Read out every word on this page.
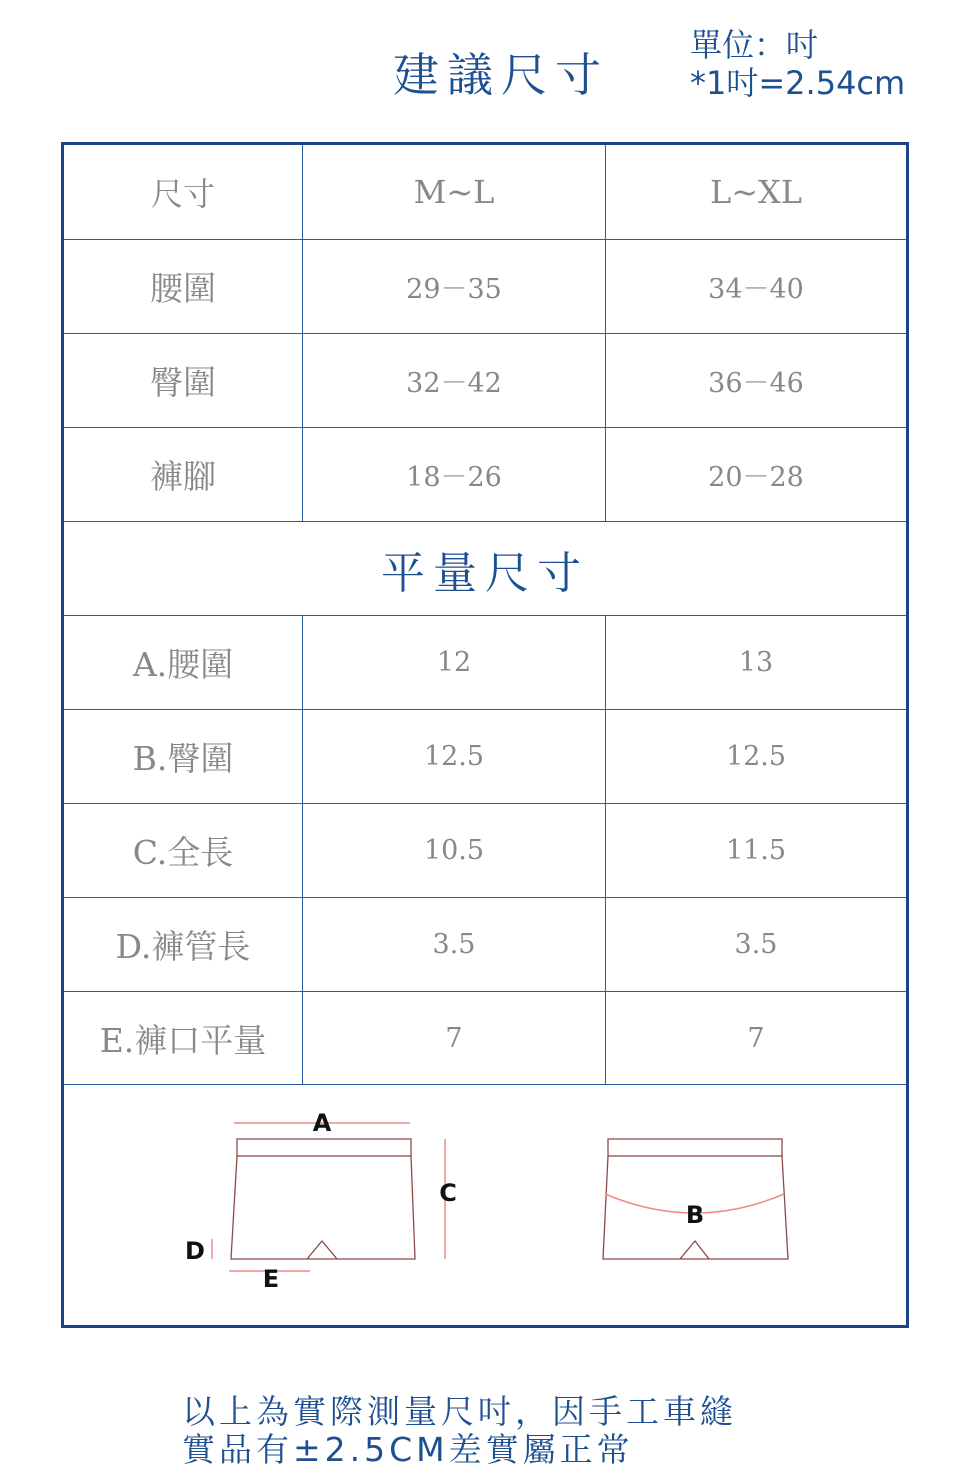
建議尺寸
單位：吋
*1吋=2.54cm
尺寸	M~L	L~XL
腰圍	29－35	34－40
臀圍	32－42	36－46
褲腳	18－26	20－28
平量尺寸
A.腰圍	12	13
B.臀圍	12.5	12.5
C.全長	10.5	11.5
D.褲管長	3.5	3.5
E.褲口平量	7	7
A
C
D
E
B
以上為實際測量尺吋，因手工車縫
實品有±2.5CM差實屬正常
